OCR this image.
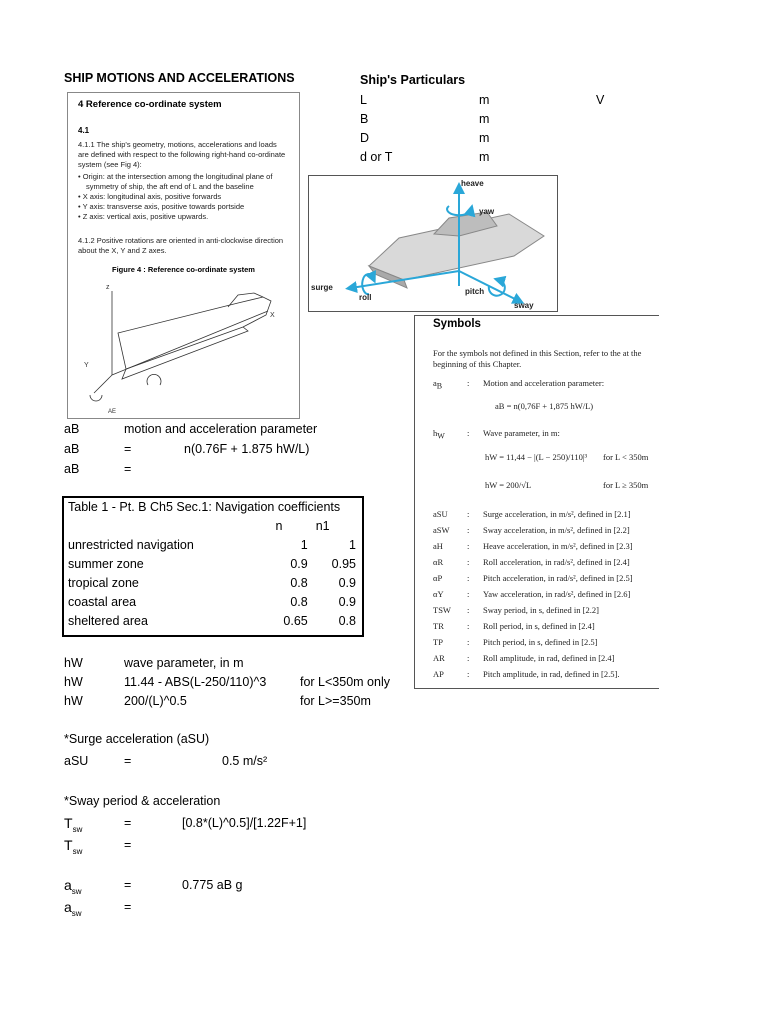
SHIP MOTIONS AND ACCELERATIONS	Ship's Particulars
L	m	V
B	m
D	m
d or T	m
4 Reference co-ordinate system
4.1
4.1.1 The ship's geometry, motions, accelerations and loads are defined with respect to the following right-hand co-ordinate system (see Fig 4):
• Origin: at the intersection among the longitudinal plane of symmetry of ship, the aft end of L and the baseline
• X axis: longitudinal axis, positive forwards
• Y axis: transverse axis, positive towards portside
• Z axis: vertical axis, positive upwards.
4.1.2 Positive rotations are oriented in anti-clockwise direction about the X, Y and Z axes.
Figure 4 : Reference co-ordinate system
z
X
Y
AE
heave
yaw
surge
roll
pitch
sway
Symbols
For the symbols not defined in this Section, refer to the at the beginning of this Chapter.
$a_B$	: Motion and acceleration parameter:
aB = n(0,76F + 1,875 hW/L)
$h_W$	: Wave parameter, in m:
hW = 11,44 − |(L − 250)/110|³ for L < 350m
hW = 200/√L	for L ≥ 350m
aSU : Surge acceleration, in m/s², defined in [2.1]
aSW : Sway acceleration, in m/s², defined in [2.2]
aH	: Heave acceleration, in m/s², defined in [2.3]
αR	: Roll acceleration, in rad/s², defined in [2.4]
αP	: Pitch acceleration, in rad/s², defined in [2.5]
αY	: Yaw acceleration, in rad/s², defined in [2.6]
TSW : Sway period, in s, defined in [2.2]
TR	: Roll period, in s, defined in [2.4]
TP	: Pitch period, in s, defined in [2.5]
AR	: Roll amplitude, in rad, defined in [2.4]
AP	: Pitch amplitude, in rad, defined in [2.5].
aB	motion and acceleration parameter
aB	=	n(0.76F + 1.875 hW/L)
aB	=
Table 1 - Pt. B Ch5 Sec.1: Navigation coefficients		
	n	n1
unrestricted navigation	1	1
summer zone	0.9	0.95
tropical zone	0.8	0.9
coastal area	0.8	0.9
sheltered area	0.65	0.8
hW	wave parameter, in m
hW	11.44 - ABS(L-250/110)^3	for L<350m only
hW	200/(L)^0.5	for L>=350m
*Surge acceleration (aSU)
aSU	=	0.5 m/s²
*Sway period & acceleration
$T_{sw}$	=	[0.8*(L)^0.5]/[1.22F+1]
$T_{sw}$	=
$a_{sw}$	=	0.775 aB g
$a_{sw}$	=
